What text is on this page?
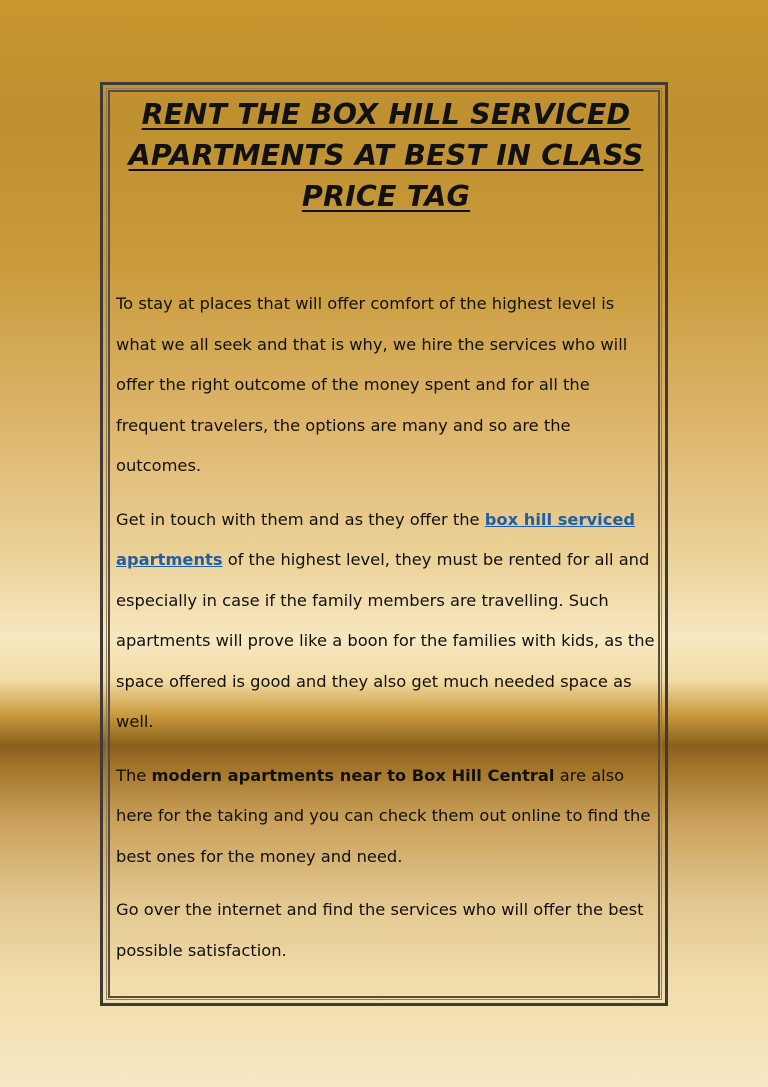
RENT THE BOX HILL SERVICED APARTMENTS AT BEST IN CLASS PRICE TAG

To stay at places that will offer comfort of the highest level is what we all seek and that is why, we hire the services who will offer the right outcome of the money spent and for all the frequent travelers, the options are many and so are the outcomes.

Get in touch with them and as they offer the box hill serviced apartments of the highest level, they must be rented for all and especially in case if the family members are travelling. Such apartments will prove like a boon for the families with kids, as the space offered is good and they also get much needed space as well.

The modern apartments near to Box Hill Central are also here for the taking and you can check them out online to find the best ones for the money and need.

Go over the internet and find the services who will offer the best possible satisfaction.
